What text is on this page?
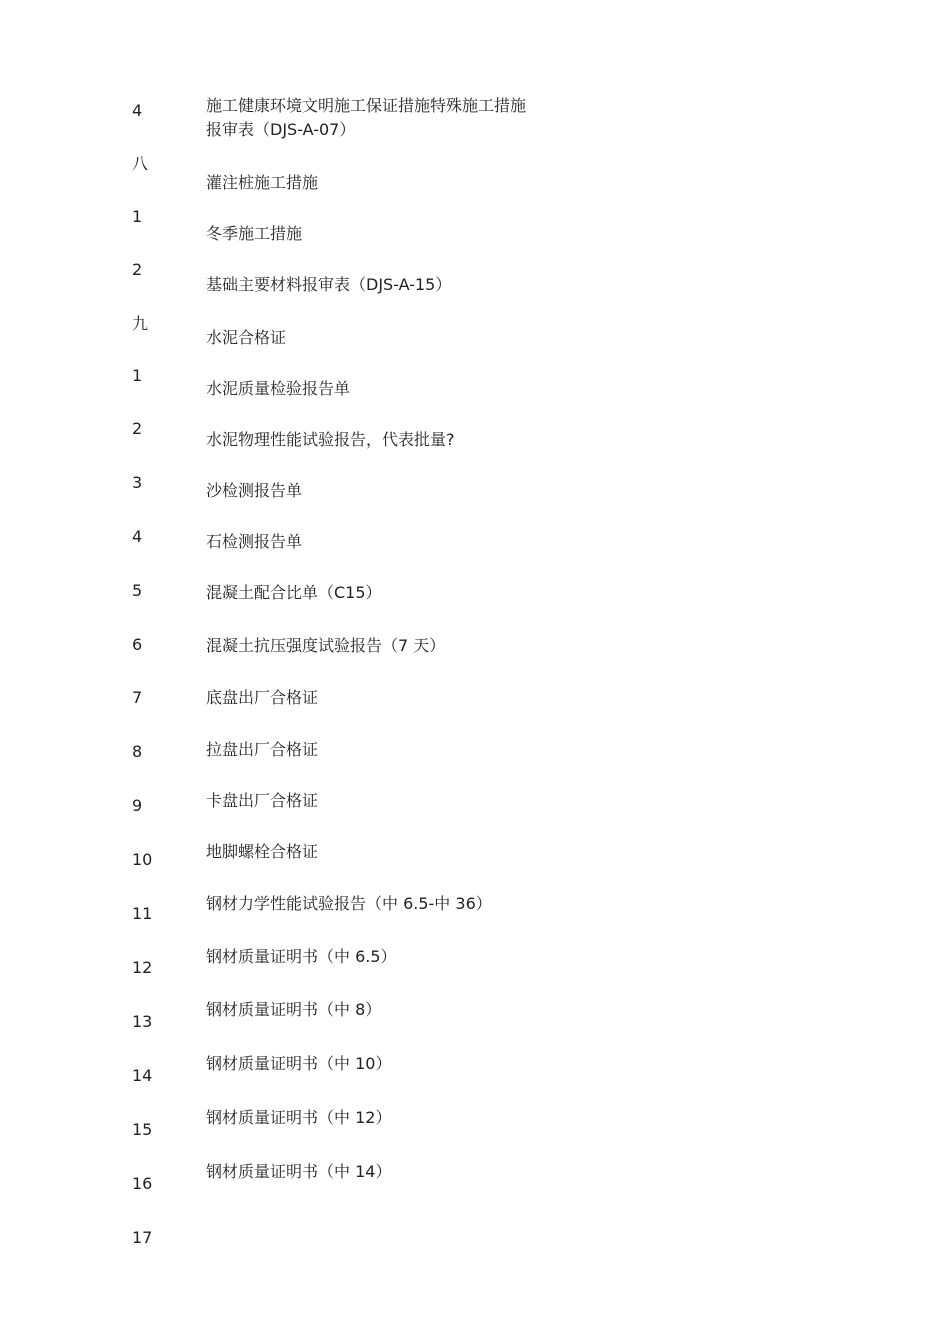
4
八
1
2
九
1
2
3
4
5
6
7
8
9
10
11
12
13
14
15
16
17
施工健康环境文明施工保证措施特殊施工措施报审表（DJS-A-07）
灌注桩施工措施
冬季施工措施
基础主要材料报审表（DJS-A-15）
水泥合格证
水泥质量检验报告单
水泥物理性能试验报告，代表批量?
沙检测报告单
石检测报告单
混凝土配合比单（C15）
混凝土抗压强度试验报告（7 天）
底盘出厂合格证
拉盘出厂合格证
卡盘出厂合格证
地脚螺栓合格证
钢材力学性能试验报告（中 6.5-中 36）
钢材质量证明书（中 6.5）
钢材质量证明书（中 8）
钢材质量证明书（中 10）
钢材质量证明书（中 12）
钢材质量证明书（中 14）
